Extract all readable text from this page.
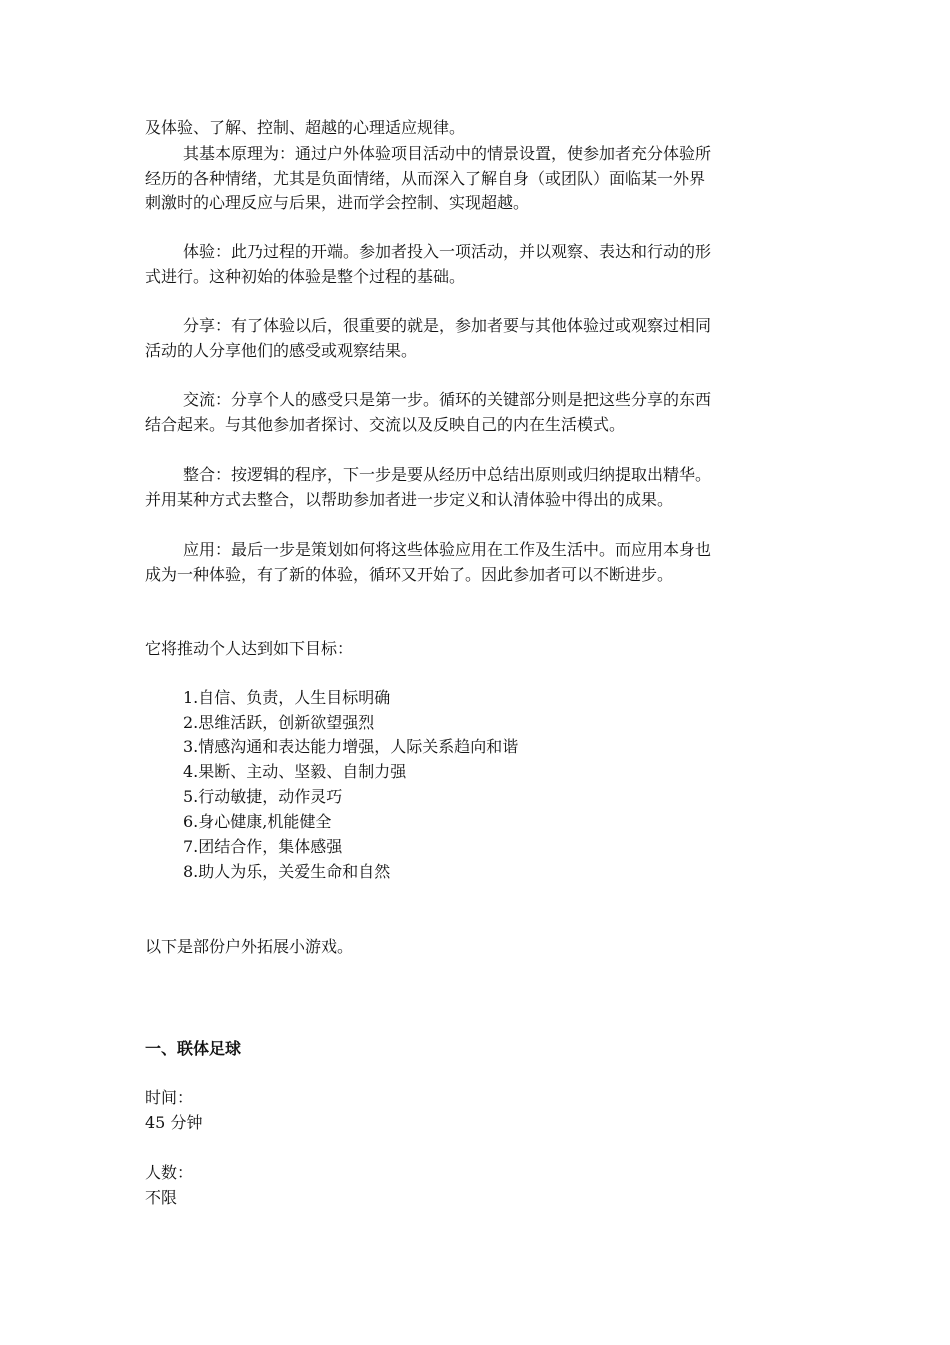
及体验、了解、控制、超越的心理适应规律。
其基本原理为：通过户外体验项目活动中的情景设置，使参加者充分体验所
经历的各种情绪，尤其是负面情绪，从而深入了解自身（或团队）面临某一外界
刺激时的心理反应与后果，进而学会控制、实现超越。
体验：此乃过程的开端。参加者投入一项活动，并以观察、表达和行动的形
式进行。这种初始的体验是整个过程的基础。
分享：有了体验以后，很重要的就是，参加者要与其他体验过或观察过相同
活动的人分享他们的感受或观察结果。
交流：分享个人的感受只是第一步。循环的关键部分则是把这些分享的东西
结合起来。与其他参加者探讨、交流以及反映自己的内在生活模式。
整合：按逻辑的程序，下一步是要从经历中总结出原则或归纳提取出精华。
并用某种方式去整合，以帮助参加者进一步定义和认清体验中得出的成果。
应用：最后一步是策划如何将这些体验应用在工作及生活中。而应用本身也
成为一种体验，有了新的体验，循环又开始了。因此参加者可以不断进步。
它将推动个人达到如下目标：
1.自信、负责，人生目标明确
2.思维活跃，创新欲望强烈
3.情感沟通和表达能力增强，人际关系趋向和谐
4.果断、主动、坚毅、自制力强
5.行动敏捷，动作灵巧
6.身心健康,机能健全
7.团结合作，集体感强
8.助人为乐，关爱生命和自然
以下是部份户外拓展小游戏。
一、联体足球
时间：
45 分钟
人数：
不限
